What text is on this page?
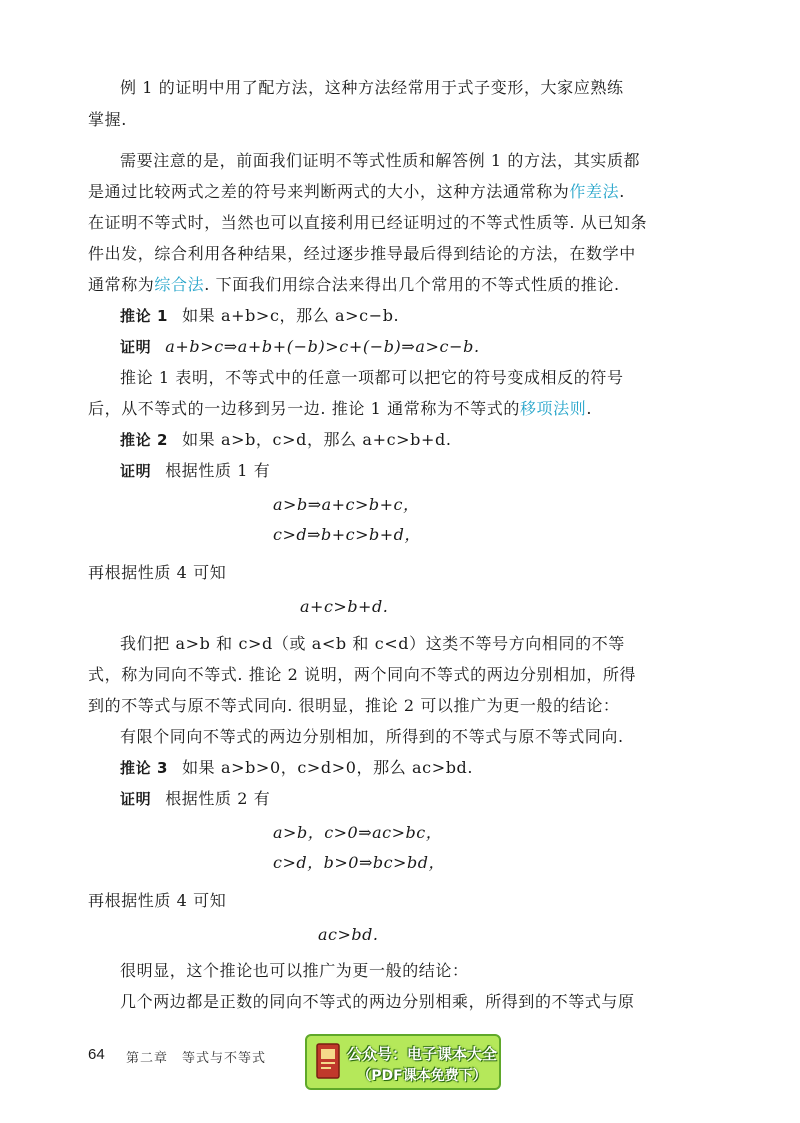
例 1 的证明中用了配方法，这种方法经常用于式子变形，大家应熟练
掌握.
需要注意的是，前面我们证明不等式性质和解答例 1 的方法，其实质都
是通过比较两式之差的符号来判断两式的大小，这种方法通常称为作差法.
在证明不等式时，当然也可以直接利用已经证明过的不等式性质等. 从已知条
件出发，综合利用各种结果，经过逐步推导最后得到结论的方法，在数学中
通常称为综合法. 下面我们用综合法来得出几个常用的不等式性质的推论.
推论 1 如果 a+b>c，那么 a>c−b.
证明 a+b>c⇒a+b+(−b)>c+(−b)⇒a>c−b.
推论 1 表明，不等式中的任意一项都可以把它的符号变成相反的符号
后，从不等式的一边移到另一边. 推论 1 通常称为不等式的移项法则.
推论 2 如果 a>b，c>d，那么 a+c>b+d.
证明 根据性质 1 有
a>b⇒a+c>b+c，
c>d⇒b+c>b+d，
再根据性质 4 可知
a+c>b+d.
我们把 a>b 和 c>d（或 a<b 和 c<d）这类不等号方向相同的不等
式，称为同向不等式. 推论 2 说明，两个同向不等式的两边分别相加，所得
到的不等式与原不等式同向. 很明显，推论 2 可以推广为更一般的结论：
有限个同向不等式的两边分别相加，所得到的不等式与原不等式同向.
推论 3 如果 a>b>0，c>d>0，那么 ac>bd.
证明 根据性质 2 有
a>b，c>0⇒ac>bc，
c>d，b>0⇒bc>bd，
再根据性质 4 可知
ac>bd.
很明显，这个推论也可以推广为更一般的结论：
几个两边都是正数的同向不等式的两边分别相乘，所得到的不等式与原
64 第二章　等式与不等式	公众号：电子课本大全
（PDF课本免费下）
